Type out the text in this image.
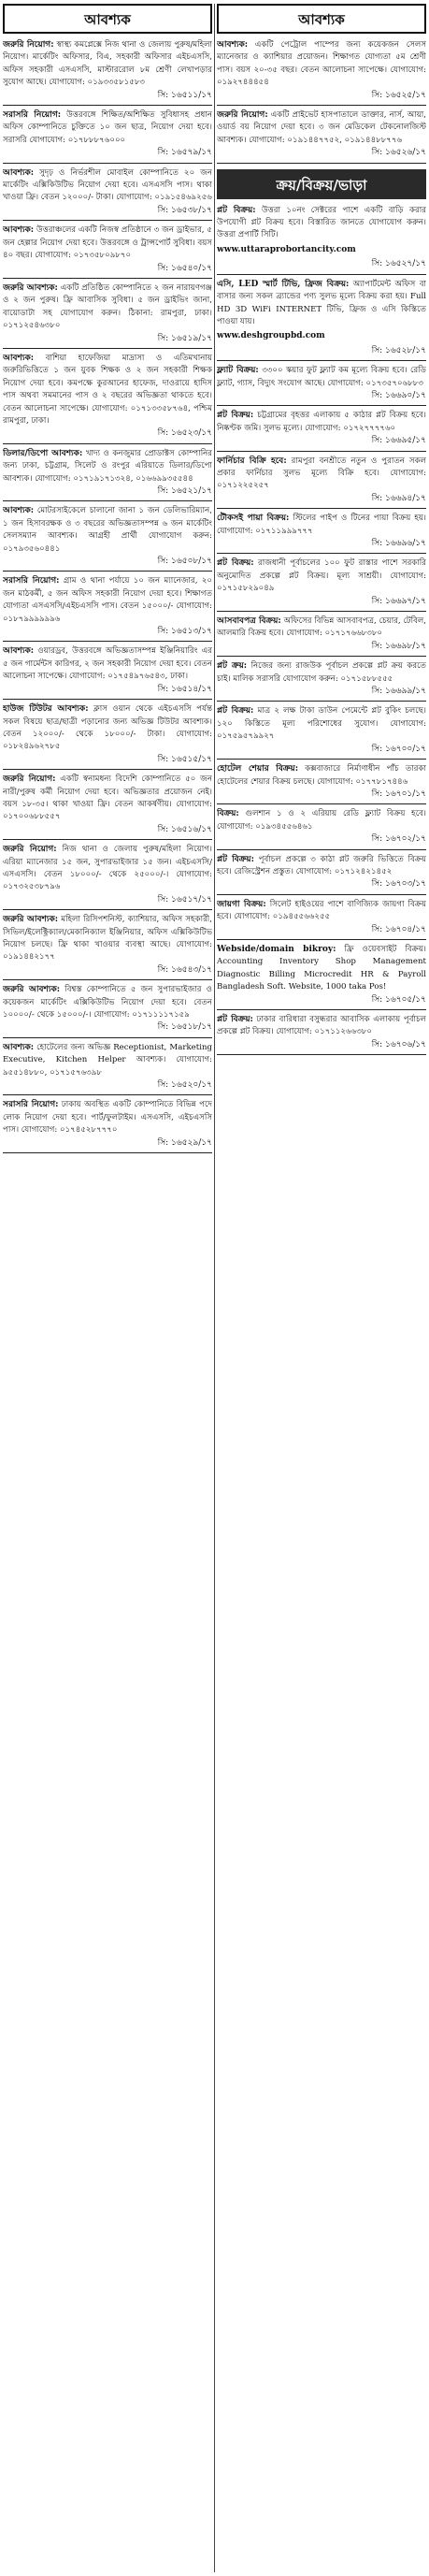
আবশ্যক
জরুরি নিয়োগ: স্বাস্থ্য কমপ্লেক্সে নিজ থানা ও জেলায় পুরুষ/মহিলা নিয়োগ। মার্কেটিং অফিসার, বিএ, সহকারী অফিসার এইচএসসি, অফিস সহকারী এসএসসি, মাস্টাররোল ৮ম শ্রেণী লেখাপড়ার সুযোগ আছে। যোগাযোগ: ০১৯৩৩৫৮১৫৮৩
সি: ১৬৫১১/১৭
সরাসরি নিয়োগ: উত্তরবঙ্গে শিক্ষিত/অশিক্ষিত সুবিধাসহ প্রধান অফিস কোম্পানিতে চুক্তিতে ১০ জন ছাত্র, নিয়োগ দেয়া হবে। সরাসরি যোগাযোগ: ০১৭৮৮৮৭৬০০০
সি: ১৬৫৭৯/১৭
আবশ্যক: সুদৃঢ় ও নির্ভরশীল মোবাইল কোম্পানিতে ২০ জন মার্কেটিং এক্সিকিউটিভ নিয়োগ দেয়া হবে। এসএসসি পাস। থাকা খাওয়া ফ্রি। বেতন ১২০০০/- টাকা। যোগাযোগ: ০১৯১৫৪৬৯২৫৬
সি: ১৬৫৩৮/১৭
আবশ্যক: উত্তরাঞ্চলের একটি নিজস্ব প্রতিষ্ঠানে ৩ জন ড্রাইভার, ৫ জন হেল্পার নিয়োগ দেয়া হবে। উত্তরবঙ্গে ও ট্রান্সপোর্ট সুবিধা। বয়স ৪০ বছর। যোগাযোগ: ০১৭৩৫৮০৯৮৭০
সি: ১৬৫৪০/১৭
জরুরি আবশ্যক: একটি প্রতিষ্ঠিত কোম্পানিতে ২ জন নারায়ণগঞ্জ ও ২ জন পুরুষ। ফ্রি আবাসিক সুবিধা। ৫ জন ড্রাইভিং জানা, বায়োডাটা সহ যোগাযোগ করুন। ঠিকানা: রামপুরা, ঢাকা। ০১৭১২৫৪৬৩৮০
সি: ১৬৫১৯/১৭
আবশ্যক: বাশিয়া হাফেজিয়া মাদ্রাসা ও এতিমখানায় জরুরিভিত্তিতে ১ জন যুবক শিক্ষক ও ২ জন সহকারী শিক্ষক নিয়োগ দেয়া হবে। কমপক্ষে কুরআনের হাফেজ, দাওরায়ে হাদিস পাস অথবা সমমানের পাস ও ২ বছরের অভিজ্ঞতা থাকতে হবে। বেতন আলোচনা সাপেক্ষে। যোগাযোগ: ০১৭১৩৩৫৮৭৬৪, পশ্চিম রামপুরা, ঢাকা।
সি: ১৬৫২৩/১৭
ডিলার/ডিপো আবশ্যক: খাদ্য ও কনজুমার প্রোডাক্টস কোম্পানির জন্য ঢাকা, চট্টগ্রাম, সিলেট ও রংপুর এরিয়াতে ডিলার/ডিপো আবশ্যক। যোগাযোগ: ০১৭১৯১৭১৩২৪, ০১৬৬৯৯৩৫৫৪৪
সি: ১৬৫২১/১৭
আবশ্যক: মোটরসাইকেলে চালানো জানা ১ জন ডেলিভারিম্যান, ১ জন হিসাবরক্ষক ও ৩ বছরের অভিজ্ঞতাসম্পন্ন ৬ জন মার্কেটিং সেলসম্যান আবশ্যক। আগ্রহী প্রার্থী যোগাযোগ করুন: ০১৭৯৩৫৬০৪৪১
সি: ১৬৫০৮/১৭
সরাসরি নিয়োগ: গ্রাম ও থানা পর্যায়ে ১০ জন ম্যানেজার, ২০ জন মাঠকর্মী, ৫ জন অফিস সহকারী নিয়োগ দেয়া হবে। শিক্ষাগত যোগ্যতা এসএসসি/এইচএসসি পাস। বেতন ১৫০০০/- যোগাযোগ: ০১৮৭৯৯৯৯৯৯৬
সি: ১৬৫১৩/১৭
আবশ্যক: ওয়ারড্রব, উত্তরবঙ্গে অভিজ্ঞতাসম্পন্ন ইঞ্জিনিয়ারিং এর ৫ জন গার্মেন্টস কারিগর, ২ জন সহকারী নিয়োগ দেয়া হবে। বেতন আলোচনা সাপেক্ষে। যোগাযোগ: ০১৭৫৪৯৭৬৫৪৩, ঢাকা।
সি: ১৬৫১৪/১৭
হাউজ টিউটর আবশ্যক: ক্লাস ওয়ান থেকে এইচএসসি পর্যন্ত সকল বিষয়ে ছাত্র/ছাত্রী পড়ানোর জন্য অভিজ্ঞ টিউটর আবশ্যক। বেতন ১২০০০/- থেকে ১৮০০০/- টাকা। যোগাযোগ: ০১৮২৪৯৬২৭৮৫
সি: ১৬৫১৫/১৭
জরুরি নিয়োগ: একটি স্বনামধন্য বিদেশি কোম্পানিতে ৫০ জন নারী/পুরুষ কর্মী নিয়োগ দেয়া হবে। অভিজ্ঞতার প্রয়োজন নেই। বয়স ১৮-৩৫। থাকা খাওয়া ফ্রি। বেতন আকর্ষণীয়। যোগাযোগ: ০১৭০০৬৮৮৫৫৭
সি: ১৬৫১৬/১৭
জরুরি নিয়োগ: নিজ থানা ও জেলায় পুরুষ/মহিলা নিয়োগ। এরিয়া ম্যানেজার ১৫ জন, সুপারভাইজার ১৫ জন। এইচএসসি/এসএসসি। বেতন ১৮০০০/- থেকে ২৫০০০/-। যোগাযোগ: ০১৭৩২৫৩৮৭৯৬
সি: ১৬৫১৭/১৭
জরুরি আবশ্যক: মহিলা রিসিপশনিস্ট, ক্যাশিয়ার, অফিস সহকারী, সিভিল/ইলেক্ট্রিক্যাল/মেকানিক্যাল ইঞ্জিনিয়ার, অফিস এক্সিকিউটিভ নিয়োগ চলছে। ফ্রি থাকা খাওয়ার ব্যবস্থা আছে। যোগাযোগ: ০১৯১৪৪২১৭৭
সি: ১৬৫৪৩/১৭
জরুরি আবশ্যক: বিশ্বস্ত কোম্পানিতে ৫ জন সুপারভাইজার ও কয়েকজন মার্কেটিং এক্সিকিউটিভ নিয়োগ দেয়া হবে। বেতন ১০০০০/- থেকে ১৫০০০/-। যোগাযোগ: ০১৭১১১১৭১৫৯
সি: ১৬৫১৮/১৭
আবশ্যক: হোটেলের জন্য অভিজ্ঞ Receptionist, Marketing Executive, Kitchen Helper আবশ্যক। যোগাযোগ: ৯৫৫১৪৮৮০, ০১৭১৫৭৬৩৯৮
সি: ১৬৫২০/১৭
সরাসরি নিয়োগ: ঢাকায় অবস্থিত একটি কোম্পানিতে বিভিন্ন পদে লোক নিয়োগ দেয়া হবে। পার্ট/ফুলটাইম। এসএসসি, এইচএসসি পাস। যোগাযোগ: ০১৭৪৫২৮৭৭৭০
সি: ১৬৫২৯/১৭
আবশ্যক
আবশ্যক: একটি পেট্রোল পাম্পের জন্য কয়েকজন সেলস ম্যানেজার ও ক্যাশিয়ার প্রয়োজন। শিক্ষাগত যোগ্যতা ৫ম শ্রেণী পাস। বয়স ২০-৩৫ বছর। বেতন আলোচনা সাপেক্ষে। যোগাযোগ: ০১৯২৭৪৪৪৫৪
সি: ১৬৫২৫/১৭
জরুরি নিয়োগ: একটি প্রাইভেট হাসপাতালে ডাক্তার, নার্স, আয়া, ওয়ার্ড বয় নিয়োগ দেয়া হবে। ৩ জন মেডিকেল টেকনোলজিস্ট আবশ্যক। যোগাযোগ: ০১৯১৪৪৭৭৫২, ০১৯১৪৪৮৮৭৭৬
সি: ১৬৫২৬/১৭
ক্রয়/বিক্রয়/ভাড়া
প্লট বিক্রয়: উত্তরা ১০নং সেক্টরের পাশে একটি বাড়ি করার উপযোগী প্লট বিক্রয় হবে। বিস্তারিত জানতে যোগাযোগ করুন। উত্তরা প্রপার্টি সিটি।
www.uttaraprobortancity.com
সি: ১৬৫২৭/১৭
এসি, LED স্মার্ট টিভি, ফ্রিজ বিক্রয়: অ্যাপার্টমেন্ট অফিস বা বাসার জন্য সকল ব্র্যান্ডের পণ্য সুলভ মূল্যে বিক্রয় করা হয়। Full HD 3D WiFi INTERNET টিভি, ফ্রিজ ও এসি কিস্তিতে পাওয়া যায়।
www.deshgroupbd.com
সি: ১৬৫২৮/১৭
ফ্ল্যাট বিক্রয়: ৩৩০০ স্কয়ার ফুট ফ্ল্যাট কম মূল্যে বিক্রয় হবে। রেডি ফ্ল্যাট, গ্যাস, বিদ্যুৎ সংযোগ আছে। যোগাযোগ: ০১৭৩৫৭০৬৮৮৩
সি: ১৬৬৯০/১৭
প্লট বিক্রয়: চট্টগ্রামের বৃহত্তর এলাকায় ৫ কাঠার প্লট বিক্রয় হবে। নিষ্কণ্টক জমি। সুলভ মূল্যে। যোগাযোগ: ০১৭২৭৭৭৭৬০
সি: ১৬৬৯৫/১৭
ফার্নিচার বিক্রি হবে: রামপুরা বনশ্রীতে নতুন ও পুরাতন সকল প্রকার ফার্নিচার সুলভ মূল্যে বিক্রি হবে। যোগাযোগ: ০১৭১২২৫২৫৭
সি: ১৬৬৯৪/১৭
টৌকসই পায়া বিক্রয়: স্টিলের পাইপ ও টিনের পায়া বিক্রয় হয়। যোগাযোগ: ০১৭১১৯৯৯৭৭৭
সি: ১৬৬৯৬/১৭
প্লট বিক্রয়: রাজধানী পূর্বাচলের ১০০ ফুট রাস্তার পাশে সরকারি অনুমোদিত প্রকল্পে প্লট বিক্রয়। মূল্য সাশ্রয়ী। যোগাযোগ: ০১৭১৫৮২৯০৪৯
সি: ১৬৬৯৭/১৭
আসবাবপত্র বিক্রয়: অফিসের বিভিন্ন আসবাবপত্র, চেয়ার, টেবিল, আলমারি বিক্রয় হবে। যোগাযোগ: ০১৭১৭৬৬৮৩৮০
সি: ১৬৬৯৮/১৭
প্লট ক্রয়: নিজের জন্য রাজউক পূর্বাচল প্রকল্পে প্লট ক্রয় করতে চাই। মালিক সরাসরি যোগাযোগ করুন: ০১৭১৫৮৮৫৫৫
সি: ১৬৬৯৯/১৭
প্লট বিক্রয়: মাত্র ২ লক্ষ টাকা ডাউন পেমেন্টে প্লট বুকিং চলছে। ১২০ কিস্তিতে মূল্য পরিশোধের সুযোগ। যোগাযোগ: ০১৭৫৯৫৭৯৯২৭
সি: ১৬৭০০/১৭
হোটেল শেয়ার বিক্রয়: কক্সবাজারে নির্মাণাধীন পাঁচ তারকা হোটেলের শেয়ার বিক্রয় চলছে। যোগাযোগ: ০১৭৭৮১৭৪৪৬
সি: ১৬৭০১/১৭
বিক্রয়: গুলশান ১ ও ২ এরিয়ায় রেডি ফ্ল্যাট বিক্রয় হবে। যোগাযোগ: ০১৯৩৪৫৫৬৪৬১
সি: ১৬৭০২/১৭
প্লট বিক্রয়: পূর্বাচল প্রকল্পে ৩ কাঠা প্লট জরুরি ভিত্তিতে বিক্রয় হবে। রেজিস্ট্রেশন প্রস্তুত। যোগাযোগ: ০১৭১২৪২১৪৫২
সি: ১৬৭০৩/১৭
জায়গা বিক্রয়: সিলেট হাইওয়ের পাশে বাণিজ্যিক জায়গা বিক্রয় হবে। যোগাযোগ: ০১৯৪৫৫৬৬২৫৫
সি: ১৬৭০৪/১৭
Webside/domain bikroy: ফ্রি ওয়েবসাইট বিক্রয়। Accounting Inventory Shop Management Diagnostic Billing Microcredit HR & Payroll Bangladesh Soft. Website, 1000 taka Pos!
সি: ১৬৭০৫/১৭
প্লট বিক্রয়: ঢাকার বারিধারা বসুন্ধরার আবাসিক এলাকায় পূর্বাচল প্রকল্পে প্লট বিক্রয়। যোগাযোগ: ০১৭১১২৬৬৩৮০
সি: ১৬৭০৬/১৭
